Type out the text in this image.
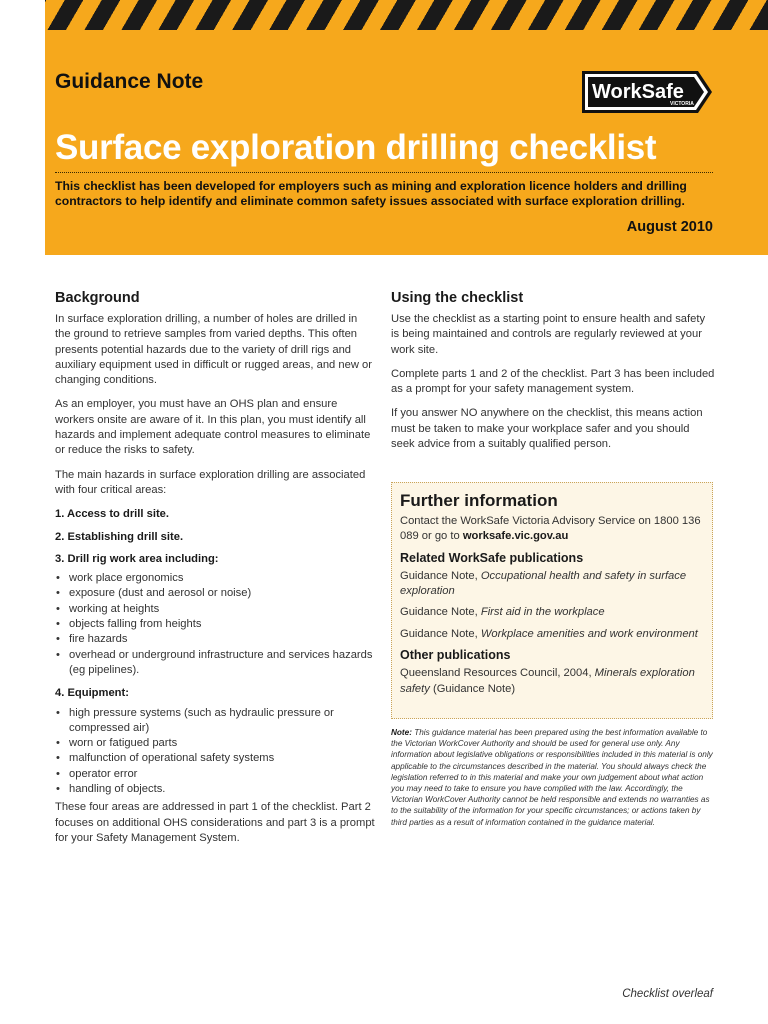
Guidance Note	WorkSafe
VICTORIA
Surface exploration drilling checklist
This checklist has been developed for employers such as mining and exploration licence holders and drilling contractors to help identify and eliminate common safety issues associated with surface exploration drilling.
August 2010
Background

In surface exploration drilling, a number of holes are drilled in the ground to retrieve samples from varied depths. This often presents potential hazards due to the variety of drill rigs and auxiliary equipment used in difficult or rugged areas, and new or changing conditions.

As an employer, you must have an OHS plan and ensure workers onsite are aware of it. In this plan, you must identify all hazards and implement adequate control measures to eliminate or reduce the risks to safety.

The main hazards in surface exploration drilling are associated with four critical areas:

1. Access to drill site.
2. Establishing drill site.
3. Drill rig work area including:
• work place ergonomics
• exposure (dust and aerosol or noise)
• working at heights
• objects falling from heights
• fire hazards
• overhead or underground infrastructure and services hazards (eg pipelines).
4. Equipment:
• high pressure systems (such as hydraulic pressure or compressed air)
• worn or fatigued parts
• malfunction of operational safety systems
• operator error
• handling of objects.

These four areas are addressed in part 1 of the checklist. Part 2 focuses on additional OHS considerations and part 3 is a prompt for your Safety Management System.

Using the checklist

Use the checklist as a starting point to ensure health and safety is being maintained and controls are regularly reviewed at your work site.

Complete parts 1 and 2 of the checklist. Part 3 has been included as a prompt for your safety management system.

If you answer NO anywhere on the checklist, this means action must be taken to make your workplace safer and you should seek advice from a suitably qualified person.

Further information

Contact the WorkSafe Victoria Advisory Service on 1800 136 089 or go to worksafe.vic.gov.au

Related WorkSafe publications

Guidance Note, Occupational health and safety in surface exploration

Guidance Note, First aid in the workplace

Guidance Note, Workplace amenities and work environment

Other publications

Queensland Resources Council, 2004, Minerals exploration safety (Guidance Note)

Note: This guidance material has been prepared using the best information available to the Victorian WorkCover Authority and should be used for general use only. Any information about legislative obligations or responsibilities included in this material is only applicable to the circumstances described in the material. You should always check the legislation referred to in this material and make your own judgement about what action you may need to take to ensure you have complied with the law. Accordingly, the Victorian WorkCover Authority cannot be held responsible and extends no warranties as to the suitability of the information for your specific circumstances; or actions taken by third parties as a result of information contained in the guidance material.
Checklist overleaf
